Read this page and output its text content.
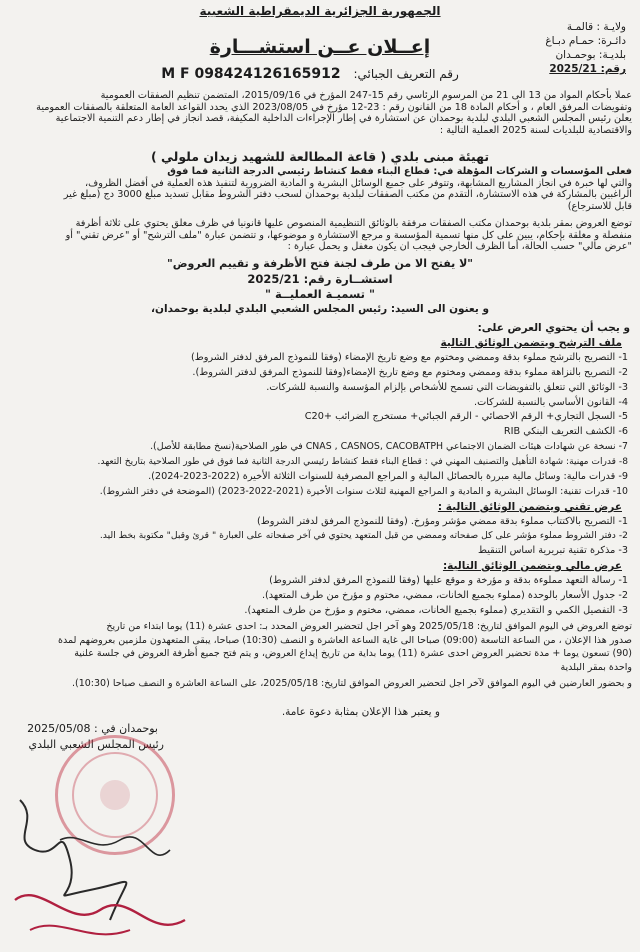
الجمهورية الجزائرية الديمقراطية الشعبية
ولايـة : قالمـة
دائـرة: حمـام دبـاغ
بلديـة: بوحمـدان
رقم: 2025/21
إعــلان عــن استشـــارة
رقم التعريف الجبائي: M F 098424126165912
عملا بأحكام المواد من 13 الى 21 من المرسوم الرئاسي رقم 15-247 المؤرخ في 2015/09/16، المتضمن تنظيم الصفقات العمومية
وتفويضات المرفق العام ، و أحكام المادة 18 من القانون رقم : 23-12 مؤرخ في 2023/08/05 الذي يحدد القواعد العامة المتعلقة بالصفقات العمومية
يعلن رئيس المجلس الشعبي البلدي لبلدية بوحمدان عن استشارة في إطار الإجراءات الداخلية المكيفة، قصد انجاز في إطار دعم التنمية الاجتماعية
والاقتصادية للبلديات لسنة 2025 العملية التالية :
تهيئة مبنى بلدي ( قاعة المطالعة للشهيد زيدان ملولي )
فعلى المؤسسات و الشركات المؤهلة في: قطاع البناء فقط كنشاط رئيسي الدرجة الثانية فما فوق
والتي لها خبرة في انجاز المشاريع المشابهة، وتتوفر على جميع الوسائل البشرية و المادية الضرورية لتنفيذ هذه العملية في أفضل الظروف،
الراغبين بالمشاركة في هذه الاستشارة، التقدم من مكتب الصفقات لبلدية بوحمدان لسحب دفتر الشروط مقابل تسديد مبلغ 3000 دج (مبلغ غير
قابل للاسترجاع)
توضع العروض بمقر بلدية بوحمدان مكتب الصفقات مرفقة بالوثائق التنظيمية المنصوص عليها قانونيا في ظرف مغلق يحتوي على ثلاثة أظرفة
منفصلة و مغلقة بإحكام، يبين على كل منها تسمية المؤسسة و مرجع الاستشارة و موضوعها، و تتضمن عبارة "ملف الترشح" أو "عرض تقني" أو
"عرض مالي" حسب الحالة، أما الظرف الخارجي فيجب ان يكون مغفل و يحمل عبارة :
"لا يفتح الا من طرف لجنة فتح الأظرفة و تقييم العروض"
استشــارة رقم: 2025/21
" تسميـة العمليــة "
و يعنون الى السيد: رئيس المجلس الشعبي البلدي لبلدية بوحمدان،
و يجب أن يحتوي العرض على:
ملف الترشح ويتضمن الوثائق التالية
1- التصريح بالترشح مملوء بدقة وممضي ومختوم مع وضع تاريخ الإمضاء (وفقا للنموذج المرفق لدفتر الشروط)
2- التصريح بالنزاهة مملوء بدقة وممضي ومختوم مع وضع تاريخ الإمضاء(وفقا للنموذج المرفق لدفتر الشروط).
3- الوثائق التي تتعلق بالتفويضات التي تسمح للأشخاص بإلزام المؤسسة والنسبة للشركات.
4- القانون الأساسي بالنسبة للشركات.
5- السجل التجاري+ الرقم الاحصائي - الرقم الجبائي+ مستخرج الضرائب +C20
6- الكشف التعريف البنكي RIB
7- نسخة عن شهادات هيئات الضمان الاجتماعي CNAS , CASNOS, CACOBATPH في طور الصلاحية(نسخ مطابقة للأصل).
8- قدرات مهنية: شهادة التأهيل والتصنيف المهني في : قطاع البناء فقط كنشاط رئيسي الدرجة الثانية فما فوق في طور الصلاحية بتاريخ التعهد.
9- قدرات مالية: وسائل مالية مبررة بالحصائل المالية و المراجع المصرفية للسنوات الثلاثة الأخيرة (2022-2023-2024).
10- قدرات تقنية: الوسائل البشرية و المادية و المراجع المهنية لثلاث سنوات الأخيرة (2021-2022-2023) (الموضحة في دفتر الشروط).
عرض تقني ويتضمن الوثائق التالية :
1- التصريح بالاكتتاب مملوء بدقة ممضي مؤشر ومؤرخ. (وفقا للنموذج المرفق لدفتر الشروط)
2- دفتر الشروط مملوء مؤشر على كل صفحاته وممضي من قبل المتعهد يحتوي في آخر صفحاته على العبارة " قرئ وقبل" مكتوبة بخط اليد.
3- مذكرة تقنية تبريرية اساس التنقيط
عرض مالي ويتضمن الوثائق التالية:
1- رسالة التعهد مملوءة بدقة و مؤرخة و موقع عليها (وفقا للنموذج المرفق لدفتر الشروط)
2- جدول الأسعار بالوحدة (مملوء بجميع الخانات، ممضي، مختوم و مؤرخ من طرف المتعهد).
3- التفصيل الكمي و التقديري (مملوء بجميع الخانات، ممضي، مختوم و مؤرخ من طرف المتعهد).
توضع العروض في اليوم الموافق لتاريخ: 2025/05/18 وهو آخر اجل لتحضير العروض المحدد بـ: احدى عشرة (11) يوما ابتداء من تاريخ
صدور هذا الإعلان ، من الساعة التاسعة (09:00) صباحا الى غاية الساعة العاشرة و النصف (10:30) صباحا، يبقى المتعهدون ملزمين بعروضهم لمدة
(90) تسعون يوما + مدة تحضير العروض احدى عشرة (11) يوما بداية من تاريخ إيداع العروض، و يتم فتح جميع أظرفة العروض في جلسة علنية
واحدة بمقر البلدية
و بحضور العارضين في اليوم الموافق لآخر اجل لتحضير العروض الموافق لتاريخ: 2025/05/18، على الساعة العاشرة و النصف صباحا (10:30).
و يعتبر هذا الإعلان بمثابة دعوة عامة.
بوحمدان في : 2025/05/08
رئيس المجلس الشعبي البلدي
